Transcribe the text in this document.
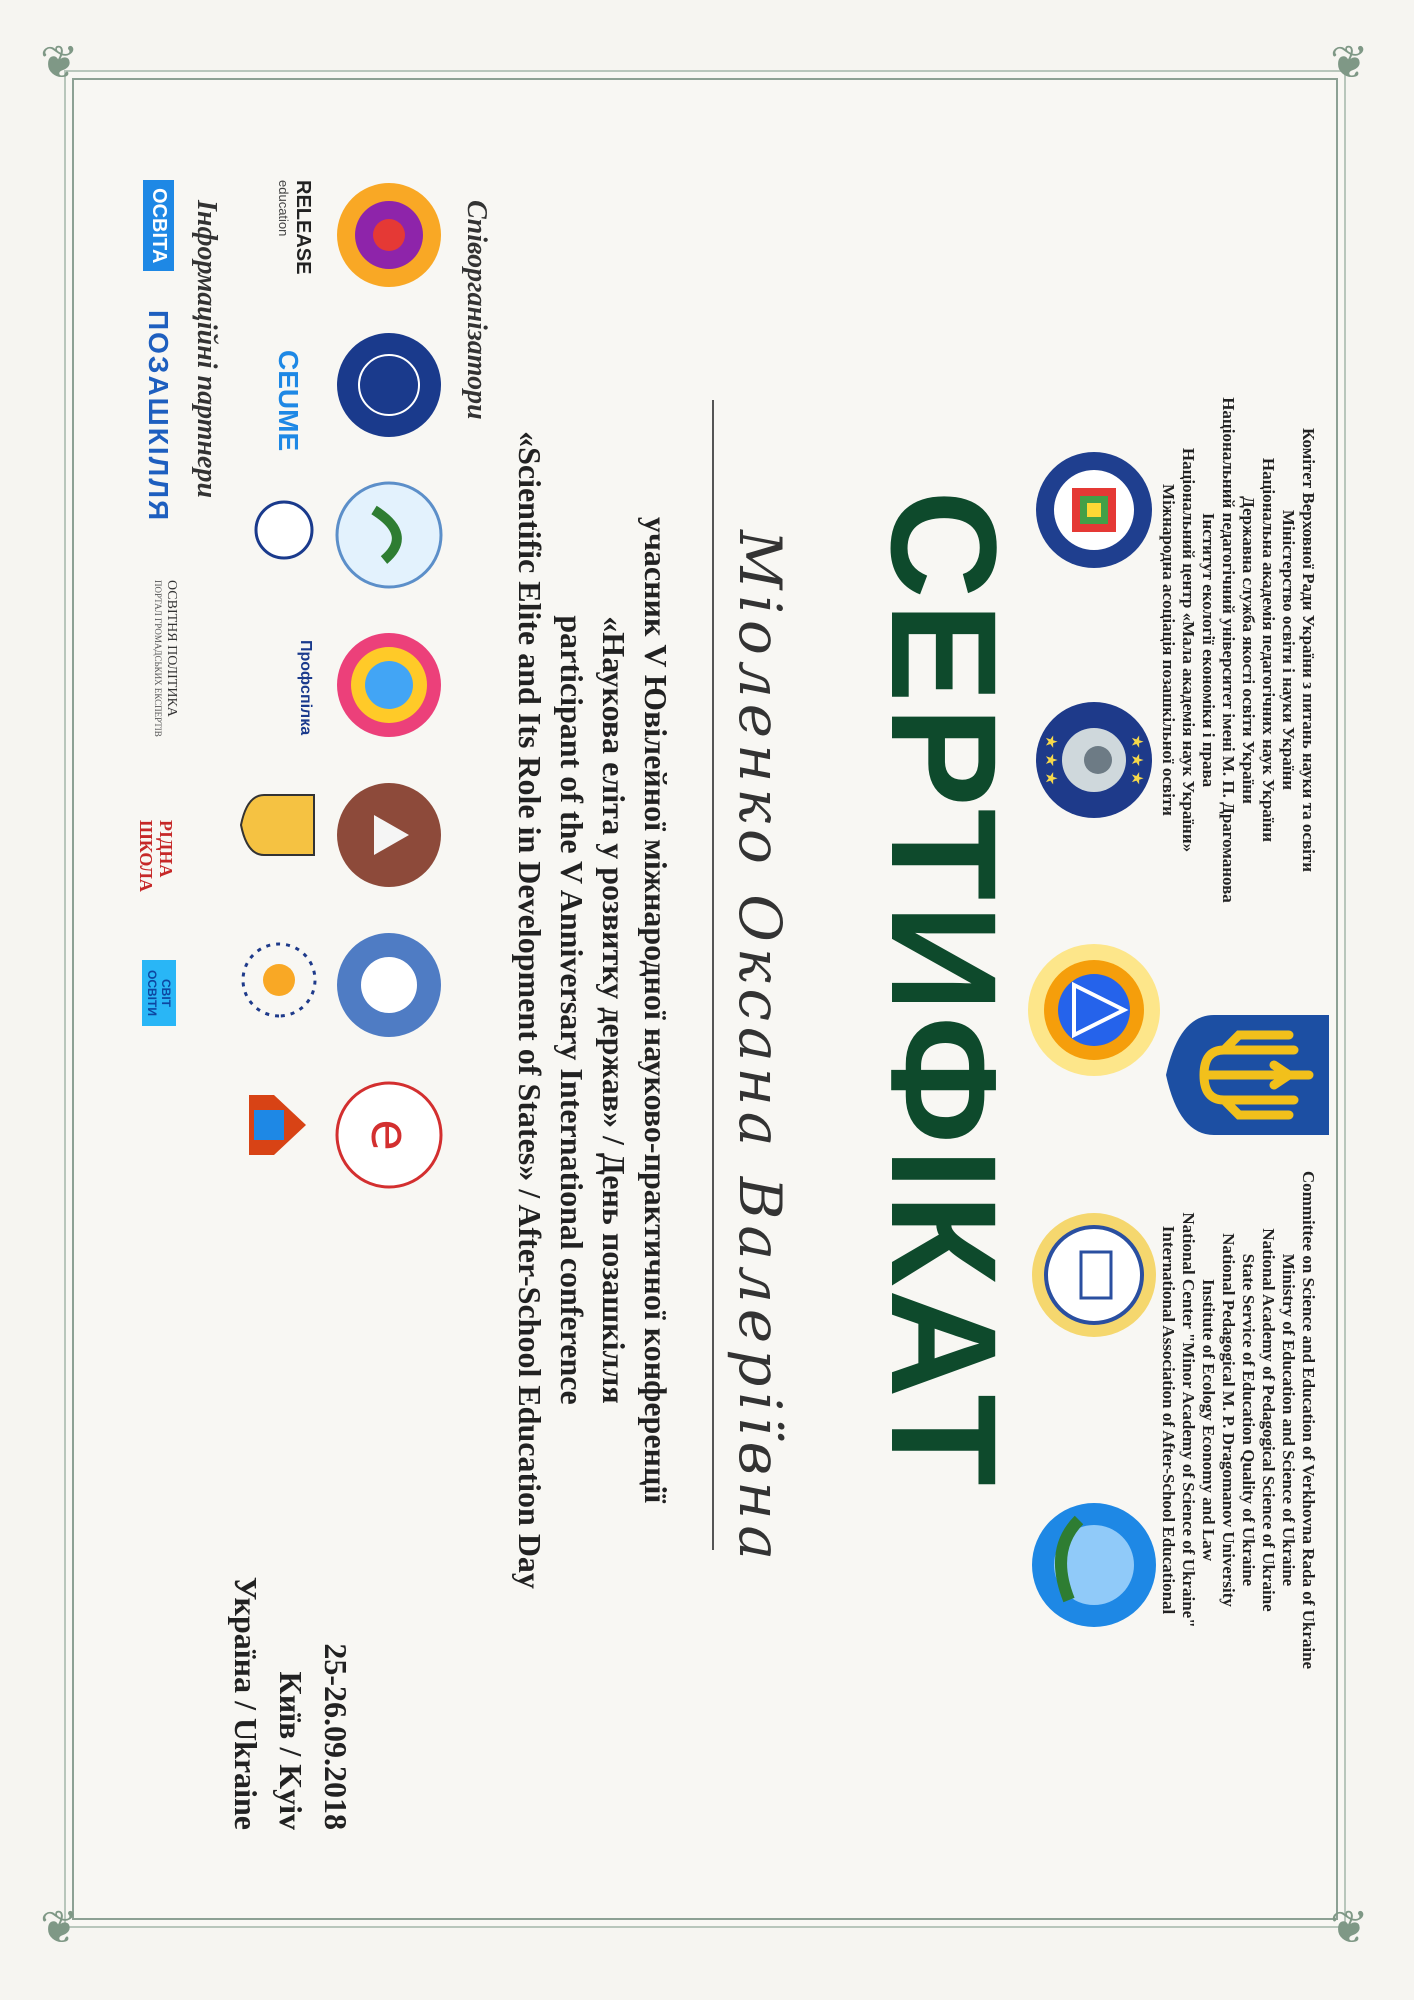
❦	❦
❦	❦
Комітет Верховної Ради України з питань науки та освіти
Міністерство освіти і науки України
Національна академія педагогічних наук України
Державна служба якості освіти України
Національний педагогічний університет імені М. П. Драгоманова
Інститут екології економіки і права
Національний центр «Мала академія наук України»
Міжнародна асоціація позашкільної освіти
Committee on Science and Education of Verkhovna Rada of Ukraine
Ministry of Education and Science of Ukraine
National Academy of Pedagogical Science of Ukraine
State Service of Education Quality of Ukraine
National Pedagogical M. P. Dragomanov University
Institute of Ecology Economy and Law
National Center "Minor Academy of Science of Ukraine"
International Association of After-School Educational
★ ★ ★
★ ★ ★
СЕРТИФІКАТ
Міоленко Оксана Валеріївна
учасник V Ювілейної міжнародної науково-практичної конференції
«Наукова еліта у розвитку держав» / День позашкілля
participant of the V Anniversary International conference
«Scientific Elite and Its Role in Development of States» / After-School Education Day
25-26.09.2018
Київ / Kyiv
Україна / Ukraine
Співорганізатори
e
RELEASE
education
CEUME
Профспілка
Інформаційні партнери
ОСВІТА
ПОЗАШКІЛЛЯ
ОСВІТНЯ ПОЛІТИКА
ПОРТАЛ ГРОМАДСЬКИХ ЕКСПЕРТІВ
РІДНА ШКОЛА
СВІТ ОСВІТИ
